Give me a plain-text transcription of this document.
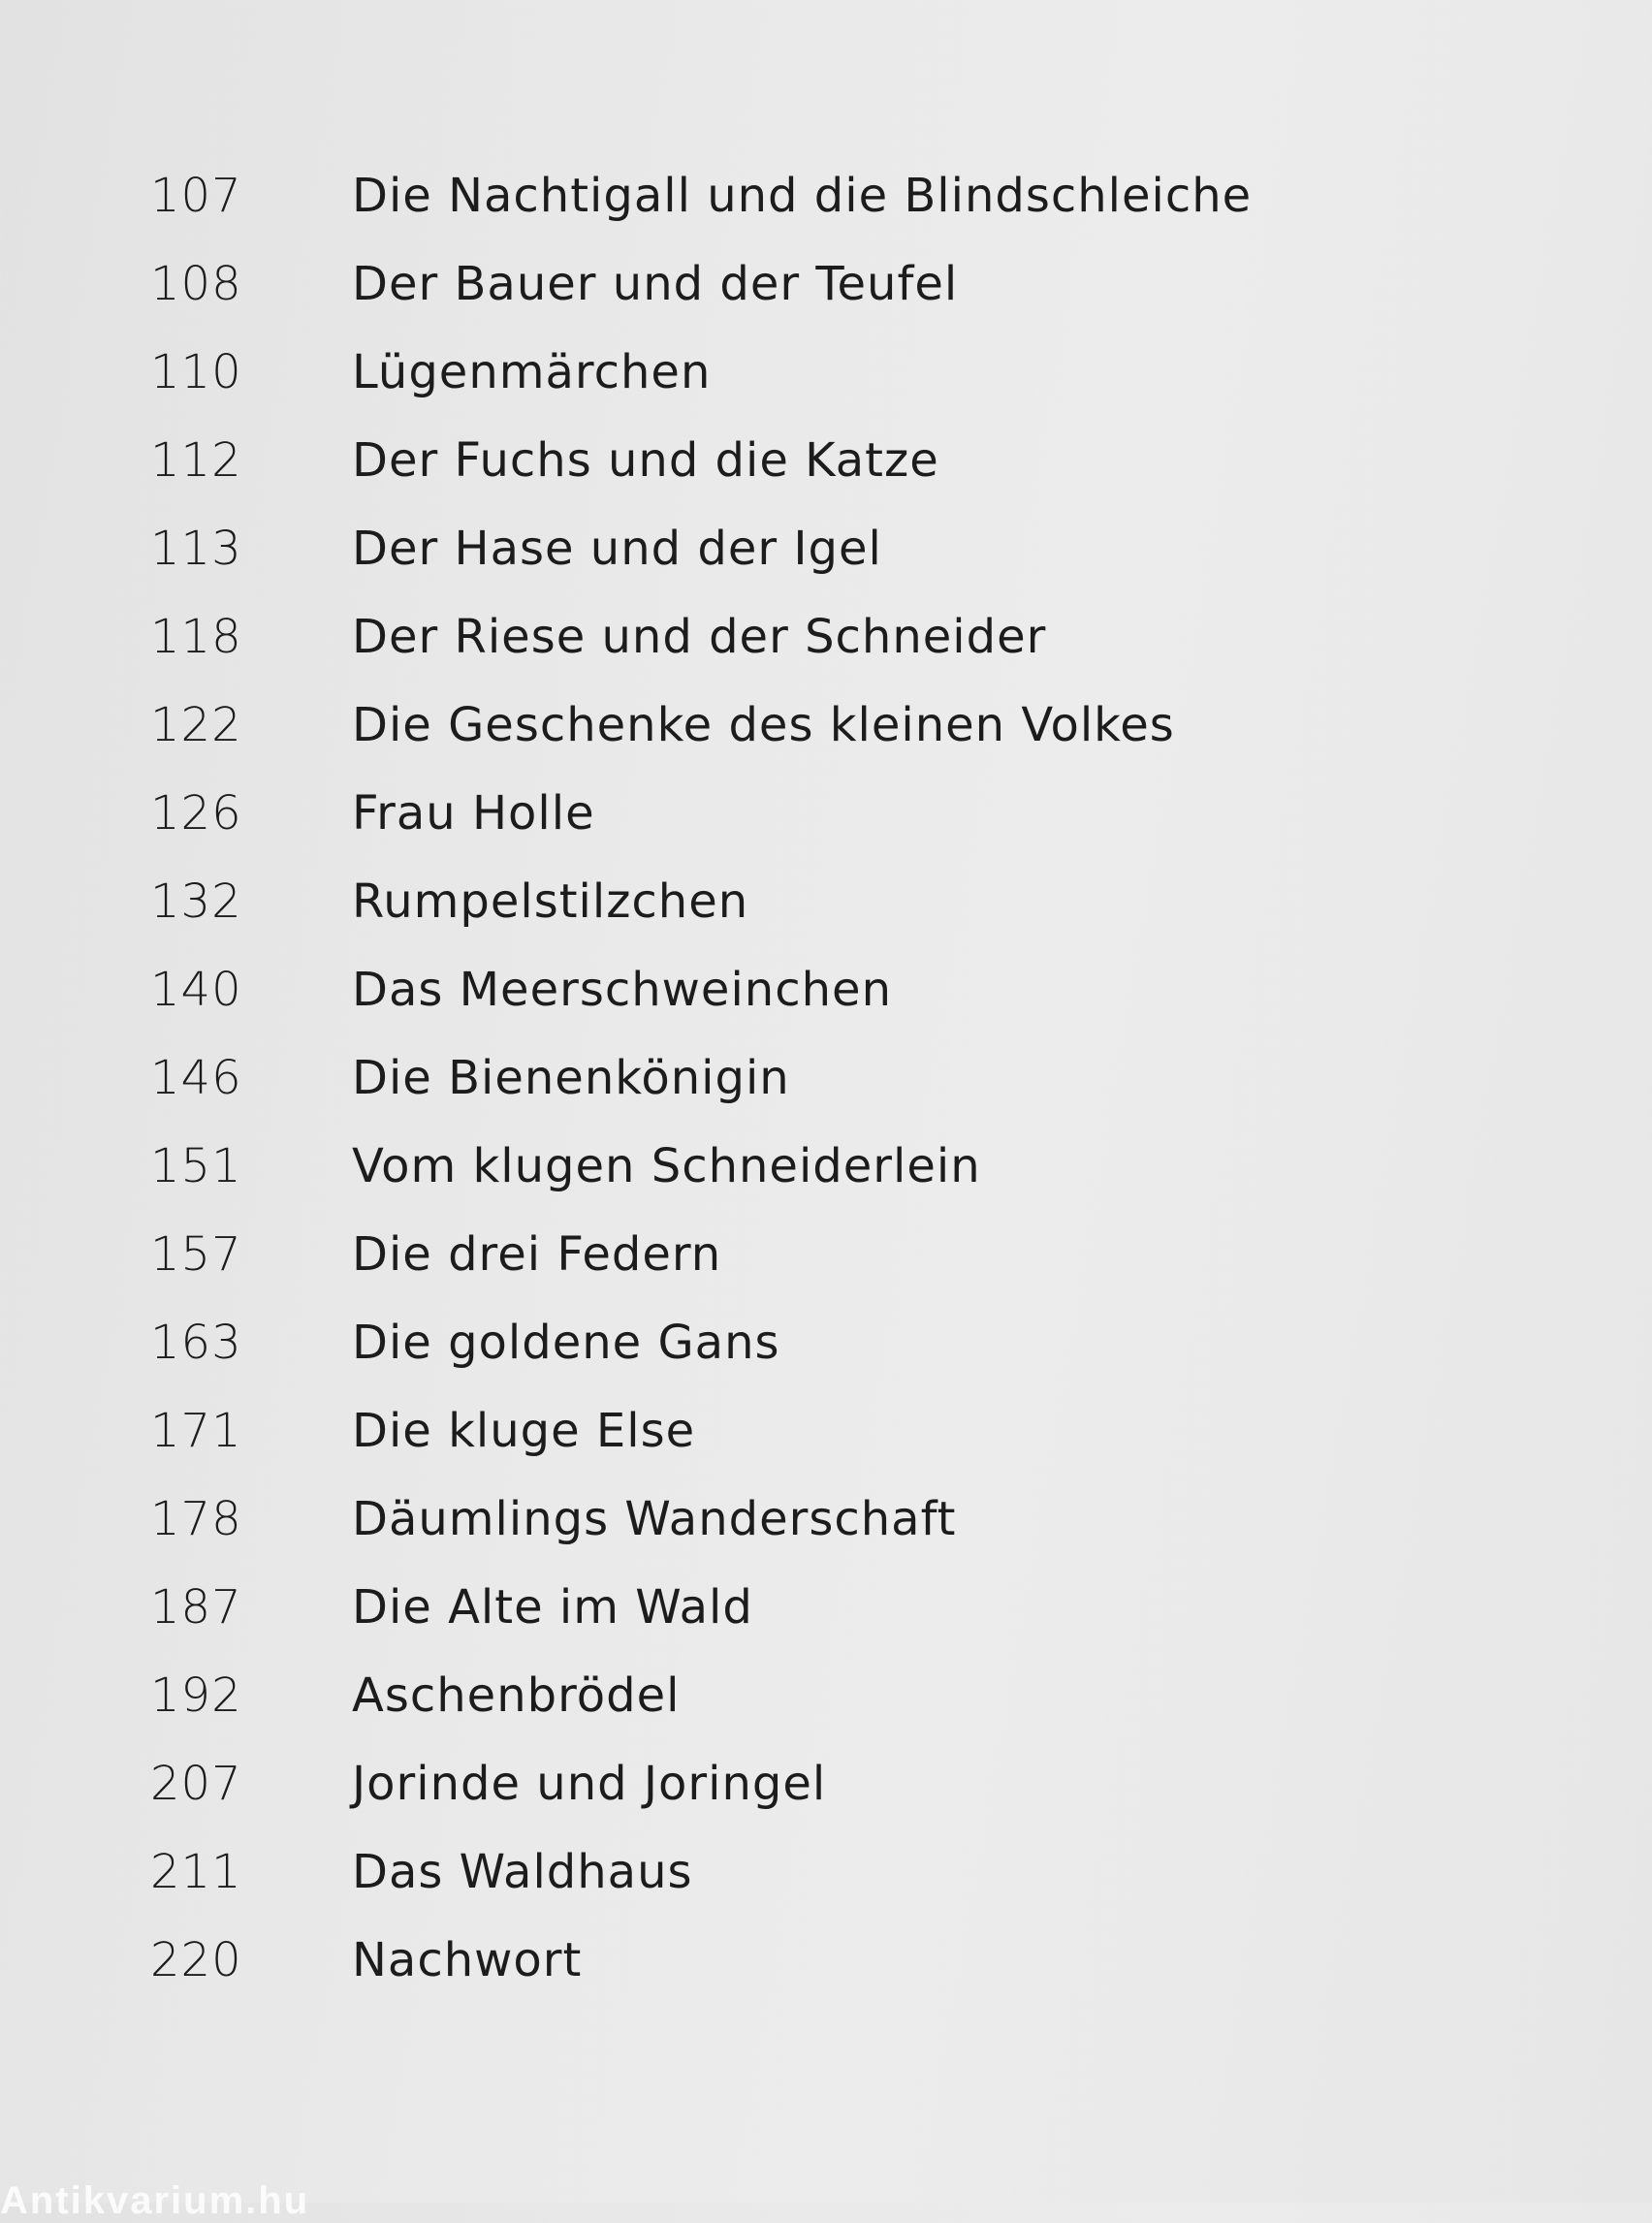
107	Die Nachtigall und die Blindschleiche
108	Der Bauer und der Teufel
110	Lügenmärchen
112	Der Fuchs und die Katze
113	Der Hase und der Igel
118	Der Riese und der Schneider
122	Die Geschenke des kleinen Volkes
126	Frau Holle
132	Rumpelstilzchen
140	Das Meerschweinchen
146	Die Bienenkönigin
151	Vom klugen Schneiderlein
157	Die drei Federn
163	Die goldene Gans
171	Die kluge Else
178	Däumlings Wanderschaft
187	Die Alte im Wald
192	Aschenbrödel
207	Jorinde und Joringel
211	Das Waldhaus
220	Nachwort
Antikvarium.hu
